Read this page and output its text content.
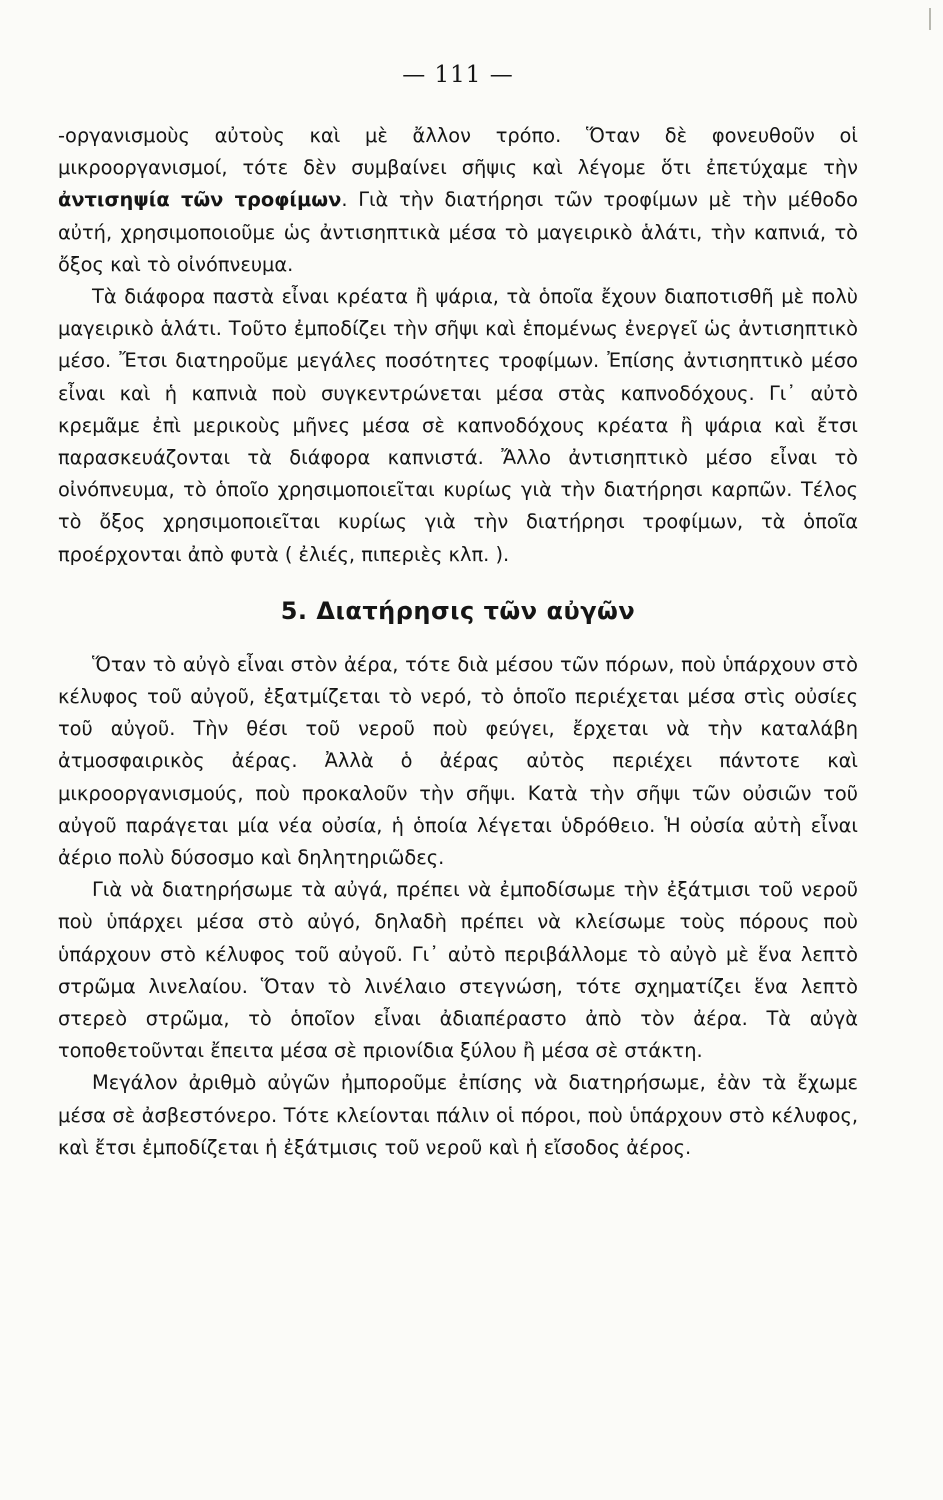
— 111 —

-οργανισμοὺς αὐτοὺς καὶ μὲ ἄλλον τρόπο. Ὅταν δὲ φονευθοῦν οἱ μικροοργανισμοί, τότε δὲν συμβαίνει σῆψις καὶ λέγομε ὅτι ἐπετύχαμε τὴν ἀντισηψία τῶν τροφίμων. Γιὰ τὴν διατήρησι τῶν τροφίμων μὲ τὴν μέθοδο αὐτή, χρησιμοποιοῦμε ὡς ἀντισηπτικὰ μέσα τὸ μαγειρικὸ ἁλάτι, τὴν καπνιά, τὸ ὄξος καὶ τὸ οἰνόπνευμα.

Τὰ διάφορα παστὰ εἶναι κρέατα ἢ ψάρια, τὰ ὁποῖα ἔχουν διαποτισθῆ μὲ πολὺ μαγειρικὸ ἁλάτι. Τοῦτο ἐμποδίζει τὴν σῆψι καὶ ἑπομένως ἐνεργεῖ ὡς ἀντισηπτικὸ μέσο. Ἔτσι διατηροῦμε μεγάλες ποσότητες τροφίμων. Ἐπίσης ἀντισηπτικὸ μέσο εἶναι καὶ ἡ καπνιὰ ποὺ συγκεντρώνεται μέσα στὰς καπνοδόχους. Γι᾿ αὐτὸ κρεμᾶμε ἐπὶ μερικοὺς μῆνες μέσα σὲ καπνοδόχους κρέατα ἢ ψάρια καὶ ἔτσι παρασκευάζονται τὰ διάφορα καπνιστά. Ἄλλο ἀντισηπτικὸ μέσο εἶναι τὸ οἰνόπνευμα, τὸ ὁποῖο χρησιμοποιεῖται κυρίως γιὰ τὴν διατήρησι καρπῶν. Τέλος τὸ ὄξος χρησιμοποιεῖται κυρίως γιὰ τὴν διατήρησι τροφίμων, τὰ ὁποῖα προέρχονται ἀπὸ φυτὰ ( ἐλιές, πιπεριὲς κλπ. ).

5. Διατήρησις τῶν αὐγῶν

Ὅταν τὸ αὐγὸ εἶναι στὸν ἀέρα, τότε διὰ μέσου τῶν πόρων, ποὺ ὑπάρχουν στὸ κέλυφος τοῦ αὐγοῦ, ἐξατμίζεται τὸ νερό, τὸ ὁποῖο περιέχεται μέσα στὶς οὐσίες τοῦ αὐγοῦ. Τὴν θέσι τοῦ νεροῦ ποὺ φεύγει, ἔρχεται νὰ τὴν καταλάβη ἀτμοσφαιρικὸς ἀέρας. Ἀλλὰ ὁ ἀέρας αὐτὸς περιέχει πάντοτε καὶ μικροοργανισμούς, ποὺ προκαλοῦν τὴν σῆψι. Κατὰ τὴν σῆψι τῶν οὐσιῶν τοῦ αὐγοῦ παράγεται μία νέα οὐσία, ἡ ὁποία λέγεται ὑδρόθειο. Ἡ οὐσία αὐτὴ εἶναι ἀέριο πολὺ δύσοσμο καὶ δηλητηριῶδες.

Γιὰ νὰ διατηρήσωμε τὰ αὐγά, πρέπει νὰ ἐμποδίσωμε τὴν ἐξάτμισι τοῦ νεροῦ ποὺ ὑπάρχει μέσα στὸ αὐγό, δηλαδὴ πρέπει νὰ κλείσωμε τοὺς πόρους ποὺ ὑπάρχουν στὸ κέλυφος τοῦ αὐγοῦ. Γι᾿ αὐτὸ περιβάλλομε τὸ αὐγὸ μὲ ἕνα λεπτὸ στρῶμα λινελαίου. Ὅταν τὸ λινέλαιο στεγνώση, τότε σχηματίζει ἕνα λεπτὸ στερεὸ στρῶμα, τὸ ὁποῖον εἶναι ἀδιαπέραστο ἀπὸ τὸν ἀέρα. Τὰ αὐγὰ τοποθετοῦνται ἔπειτα μέσα σὲ πριονίδια ξύλου ἢ μέσα σὲ στάκτη.

Μεγάλον ἀριθμὸ αὐγῶν ἠμποροῦμε ἐπίσης νὰ διατηρήσωμε, ἐὰν τὰ ἔχωμε μέσα σὲ ἀσβεστόνερο. Τότε κλείονται πάλιν οἱ πόροι, ποὺ ὑπάρχουν στὸ κέλυφος, καὶ ἔτσι ἐμποδίζεται ἡ ἐξάτμισις τοῦ νεροῦ καὶ ἡ εἴσοδος ἀέρος.
